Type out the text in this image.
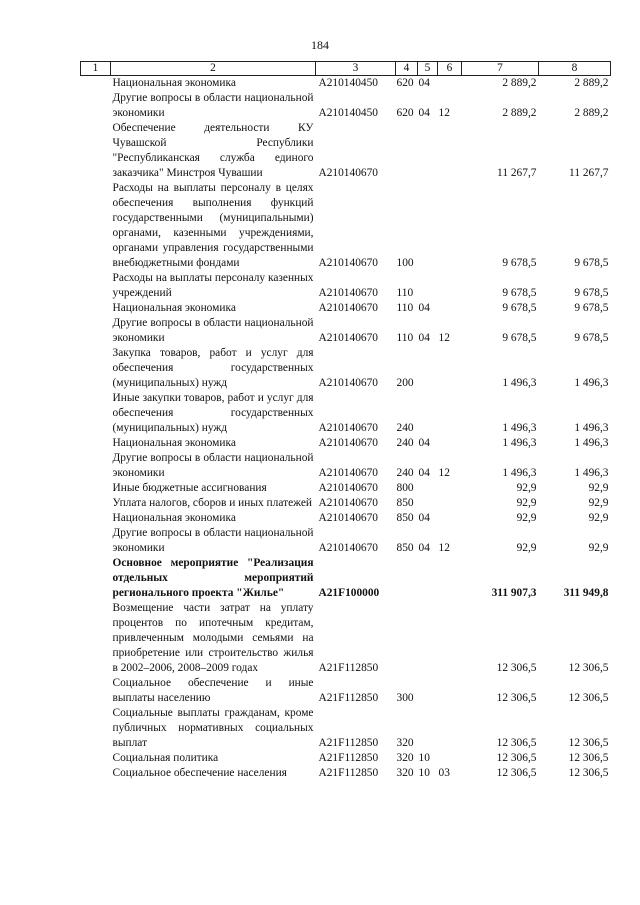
184
1	2	3	4	5	6	7	8
	Национальная экономика	А210140450	620	04		2 889,2	2 889,2
	Другие вопросы в области национальной экономики	А210140450	620	04	12	2 889,2	2 889,2
	Обеспечение деятельности КУ Чувашской Республики "Республиканская служба единого заказчика" Минстроя Чувашии	А210140670				11 267,7	11 267,7
	Расходы на выплаты персоналу в целях обеспечения выполнения функций государственными (муниципальными) органами, казенными учреждениями, органами управления государственными внебюджетными фондами	А210140670	100			9 678,5	9 678,5
	Расходы на выплаты персоналу казенных учреждений	А210140670	110			9 678,5	9 678,5
	Национальная экономика	А210140670	110	04		9 678,5	9 678,5
	Другие вопросы в области национальной экономики	А210140670	110	04	12	9 678,5	9 678,5
	Закупка товаров, работ и услуг для обеспечения государственных (муниципальных) нужд	А210140670	200			1 496,3	1 496,3
	Иные закупки товаров, работ и услуг для обеспечения государственных (муниципальных) нужд	А210140670	240			1 496,3	1 496,3
	Национальная экономика	А210140670	240	04		1 496,3	1 496,3
	Другие вопросы в области национальной экономики	А210140670	240	04	12	1 496,3	1 496,3
	Иные бюджетные ассигнования	А210140670	800			92,9	92,9
	Уплата налогов, сборов и иных платежей	А210140670	850			92,9	92,9
	Национальная экономика	А210140670	850	04		92,9	92,9
	Другие вопросы в области национальной экономики	А210140670	850	04	12	92,9	92,9
	Основное мероприятие "Реализация отдельных мероприятий регионального проекта "Жилье"	А21F100000				311 907,3	311 949,8
	Возмещение части затрат на уплату процентов по ипотечным кредитам, привлеченным молодыми семьями на приобретение или строительство жилья в 2002–2006, 2008–2009 годах	А21F112850				12 306,5	12 306,5
	Социальное обеспечение и иные выплаты населению	А21F112850	300			12 306,5	12 306,5
	Социальные выплаты гражданам, кроме публичных нормативных социальных выплат	А21F112850	320			12 306,5	12 306,5
	Социальная политика	А21F112850	320	10		12 306,5	12 306,5
	Социальное обеспечение населения	А21F112850	320	10	03	12 306,5	12 306,5
